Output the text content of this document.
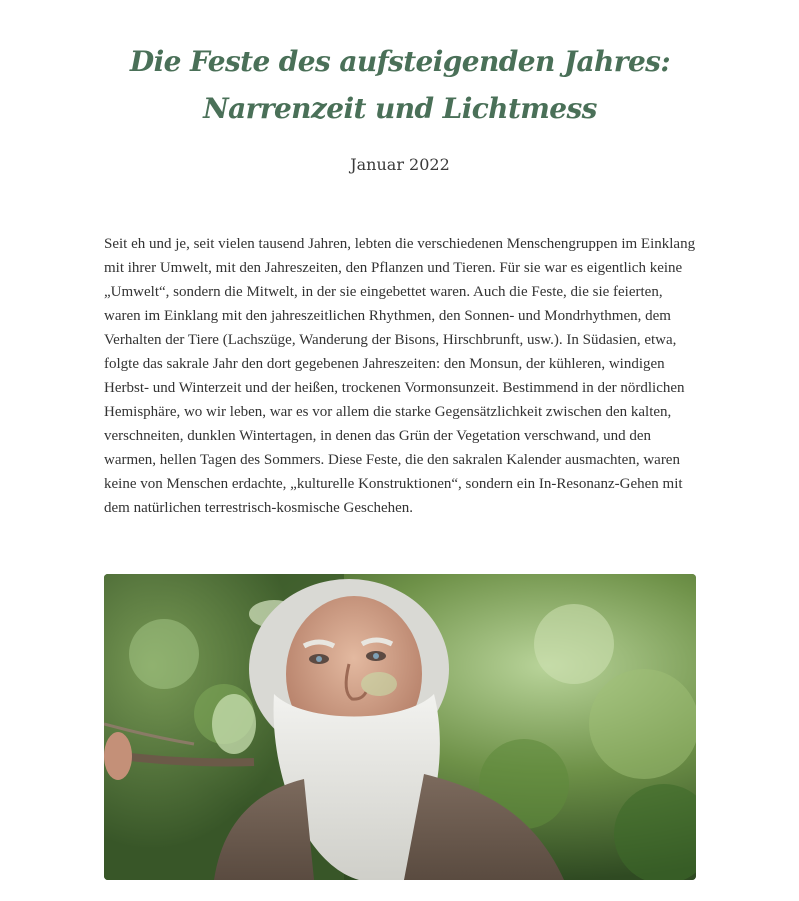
Die Feste des aufsteigenden Jahres:
Narrenzeit und Lichtmess
Januar 2022

Seit eh und je, seit vielen tausend Jahren, lebten die verschiedenen Menschengruppen im Einklang mit ihrer Umwelt, mit den Jahreszeiten, den Pflanzen und Tieren. Für sie war es eigentlich keine „Umwelt“, sondern die Mitwelt, in der sie eingebettet waren. Auch die Feste, die sie feierten, waren im Einklang mit den jahreszeitlichen Rhythmen, den Sonnen- und Mondrhythmen, dem Verhalten der Tiere (Lachszüge, Wanderung der Bisons, Hirschbrunft, usw.). In Südasien, etwa, folgte das sakrale Jahr den dort gegebenen Jahreszeiten: den Monsun, der kühleren, windigen Herbst- und Winterzeit und der heißen, trockenen Vormonsunzeit. Bestimmend in der nördlichen Hemisphäre, wo wir leben, war es vor allem die starke Gegensätzlichkeit zwischen den kalten, verschneiten, dunklen Wintertagen, in denen das Grün der Vegetation verschwand, und den warmen, hellen Tagen des Sommers. Diese Feste, die den sakralen Kalender ausmachten, waren keine von Menschen erdachte, „kulturelle Konstruktionen“, sondern ein In-Resonanz-Gehen mit dem natürlichen terrestrisch-kosmische Geschehen.
